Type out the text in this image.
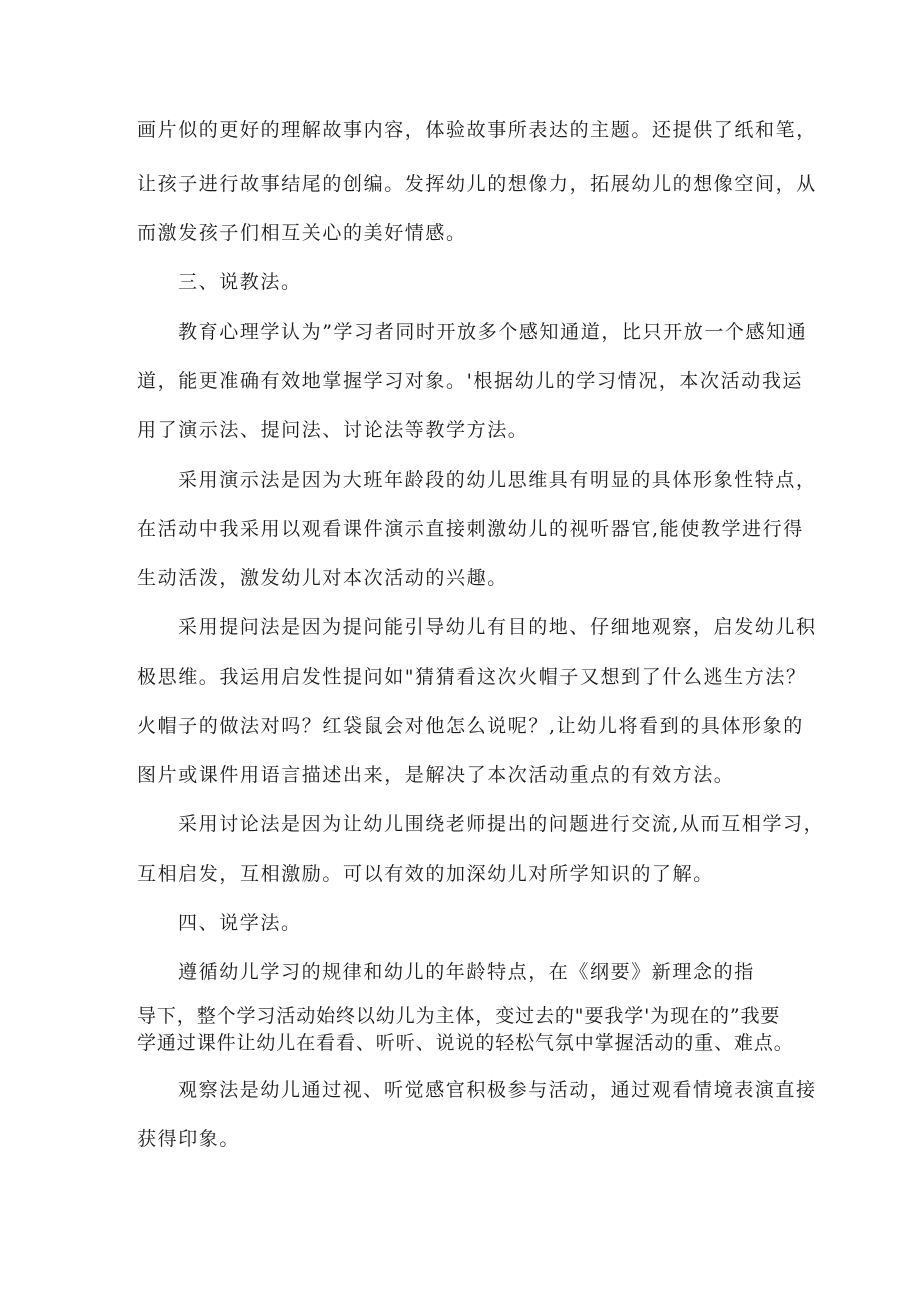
画片似的更好的理解故事内容，体验故事所表达的主题。还提供了纸和笔，
让孩子进行故事结尾的创编。发挥幼儿的想像力，拓展幼儿的想像空间，从
而激发孩子们相互关心的美好情感。
三、说教法。
教育心理学认为”学习者同时开放多个感知通道，比只开放一个感知通
道，能更准确有效地掌握学习对象。'根据幼儿的学习情况，本次活动我运
用了演示法、提问法、讨论法等教学方法。
采用演示法是因为大班年龄段的幼儿思维具有明显的具体形象性特点，
在活动中我采用以观看课件演示直接刺激幼儿的视听器官,能使教学进行得
生动活泼，激发幼儿对本次活动的兴趣。
采用提问法是因为提问能引导幼儿有目的地、仔细地观察，启发幼儿积
极思维。我运用启发性提问如"猜猜看这次火帽子又想到了什么逃生方法？
火帽子的做法对吗？红袋鼠会对他怎么说呢？,让幼儿将看到的具体形象的
图片或课件用语言描述出来，是解决了本次活动重点的有效方法。
采用讨论法是因为让幼儿围绕老师提出的问题进行交流,从而互相学习，
互相启发，互相激励。可以有效的加深幼儿对所学知识的了解。
四、说学法。
遵循幼儿学习的规律和幼儿的年龄特点，在《纲要》新理念的指
导下，整个学习活动始终以幼儿为主体，变过去的"要我学'为现在的”我要
学通过课件让幼儿在看看、听听、说说的轻松气氛中掌握活动的重、难点。
观察法是幼儿通过视、听觉感官积极参与活动，通过观看情境表演直接
获得印象。
